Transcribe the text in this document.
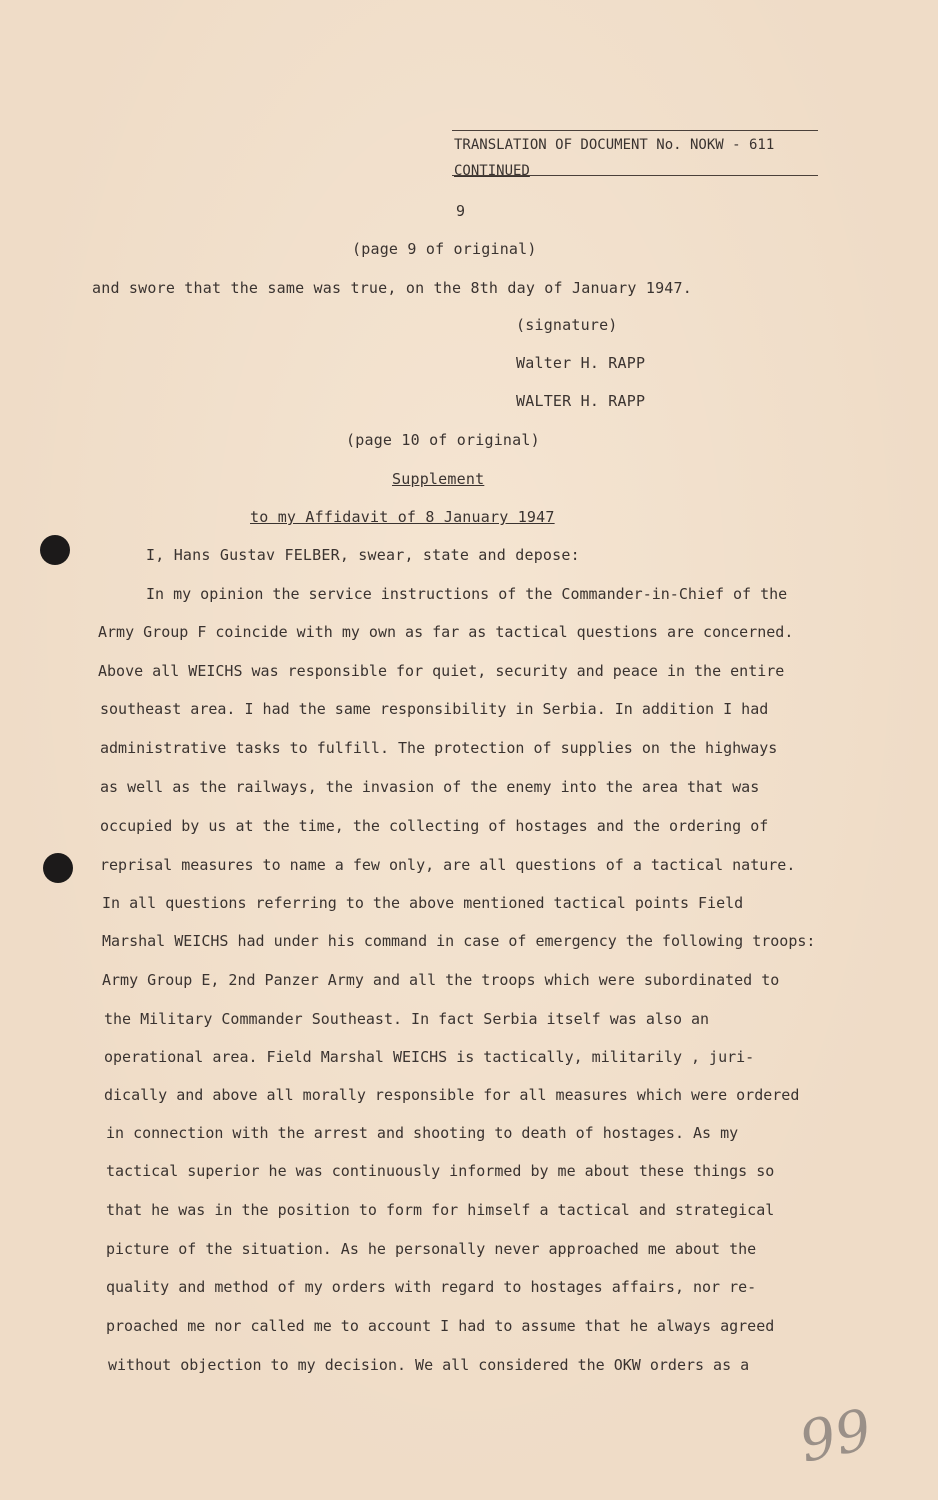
TRANSLATION OF DOCUMENT No. NOKW - 611
CONTINUED
9
(page 9 of original)
and swore that the same was true, on the 8th day of January 1947.
(signature)
Walter H. RAPP
WALTER H. RAPP
(page 10 of original)
Supplement
to my Affidavit of 8 January 1947
I, Hans Gustav FELBER, swear, state and depose:
In my opinion the service instructions of the Commander-in-Chief of the
Army Group F coincide with my own as far as tactical questions are concerned.
Above all WEICHS was responsible for quiet, security and peace in the entire
southeast area. I had the same responsibility in Serbia. In addition I had
administrative tasks to fulfill. The protection of supplies on the highways
as well as the railways, the invasion of the enemy into the area that was
occupied by us at the time, the collecting of hostages and the ordering of
reprisal measures to name a few only, are all questions of a tactical nature.
In all questions referring to the above mentioned tactical points Field
Marshal WEICHS had under his command in case of emergency the following troops:
Army Group E, 2nd Panzer Army and all the troops which were subordinated to
the Military Commander Southeast. In fact Serbia itself was also an
operational area. Field Marshal WEICHS is tactically, militarily , juri-
dically and above all morally responsible for all measures which were ordered
in connection with the arrest and shooting to death of hostages. As my
tactical superior he was continuously informed by me about these things so
that he was in the position to form for himself a tactical and strategical
picture of the situation. As he personally never approached me about the
quality and method of my orders with regard to hostages affairs, nor re-
proached me nor called me to account I had to assume that he always agreed
without objection to my decision. We all considered the OKW orders as a
99
